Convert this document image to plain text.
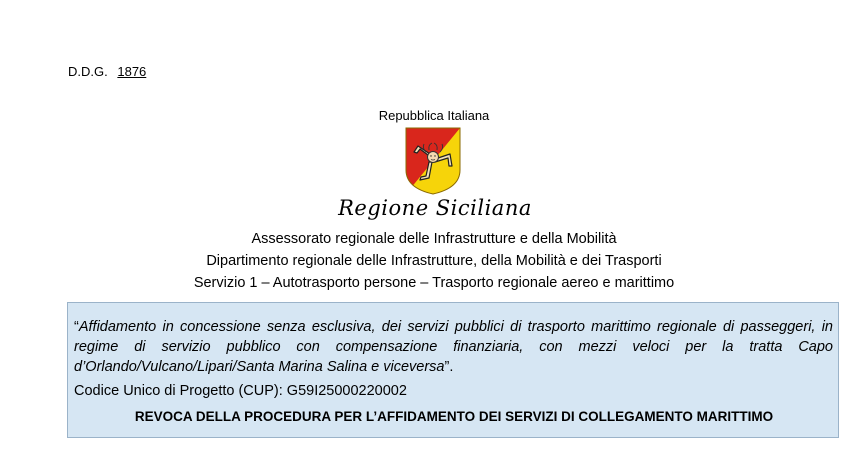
D.D.G. 1876
Repubblica Italiana
Regione Siciliana
Assessorato regionale delle Infrastrutture e della Mobilità
Dipartimento regionale delle Infrastrutture, della Mobilità e dei Trasporti
Servizio 1 – Autotrasporto persone – Trasporto regionale aereo e marittimo
“Affidamento in concessione senza esclusiva, dei servizi pubblici di trasporto marittimo regionale di passeggeri, in regime di servizio pubblico con compensazione finanziaria, con mezzi veloci per la tratta Capo d’Orlando/Vulcano/Lipari/Santa Marina Salina e viceversa”.
Codice Unico di Progetto (CUP): G59I25000220002
REVOCA DELLA PROCEDURA PER L’AFFIDAMENTO DEI SERVIZI DI COLLEGAMENTO MARITTIMO
